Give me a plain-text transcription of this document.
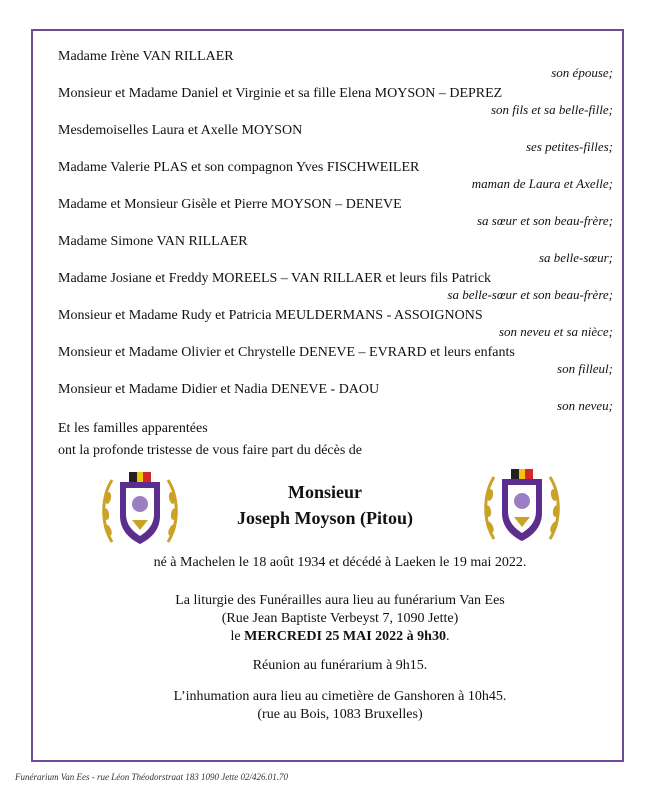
Madame Irène VAN RILLAER
son épouse;
Monsieur et Madame Daniel et Virginie et sa fille Elena MOYSON – DEPREZ
son fils et sa belle-fille;
Mesdemoiselles Laura et Axelle MOYSON
ses petites-filles;
Madame Valerie PLAS et son compagnon Yves FISCHWEILER
maman de Laura et Axelle;
Madame et Monsieur Gisèle et Pierre MOYSON – DENEVE
sa sœur et son beau-frère;
Madame Simone VAN RILLAER
sa belle-sœur;
Madame Josiane et Freddy MOREELS – VAN RILLAER et leurs fils Patrick
sa belle-sœur et son beau-frère;
Monsieur et Madame Rudy et Patricia MEULDERMANS - ASSOIGNONS
son neveu et sa nièce;
Monsieur et Madame Olivier et Chrystelle DENEVE – EVRARD et leurs enfants
son filleul;
Monsieur et Madame Didier et Nadia DENEVE - DAOU
son neveu;
Et les familles apparentées
ont la profonde tristesse de vous faire part du décès de
Monsieur
Joseph Moyson (Pitou)
né à Machelen le 18 août 1934 et décédé à Laeken le 19 mai 2022.
La liturgie des Funérailles aura lieu au funérarium Van Ees
(Rue Jean Baptiste Verbeyst 7, 1090 Jette)
le MERCREDI 25 MAI 2022 à 9h30.
Réunion au funérarium à 9h15.
L’inhumation aura lieu au cimetière de Ganshoren à 10h45.
(rue au Bois, 1083 Bruxelles)
Funérarium Van Ees - rue Léon Théodorstraat 183 1090 Jette 02/426.01.70
